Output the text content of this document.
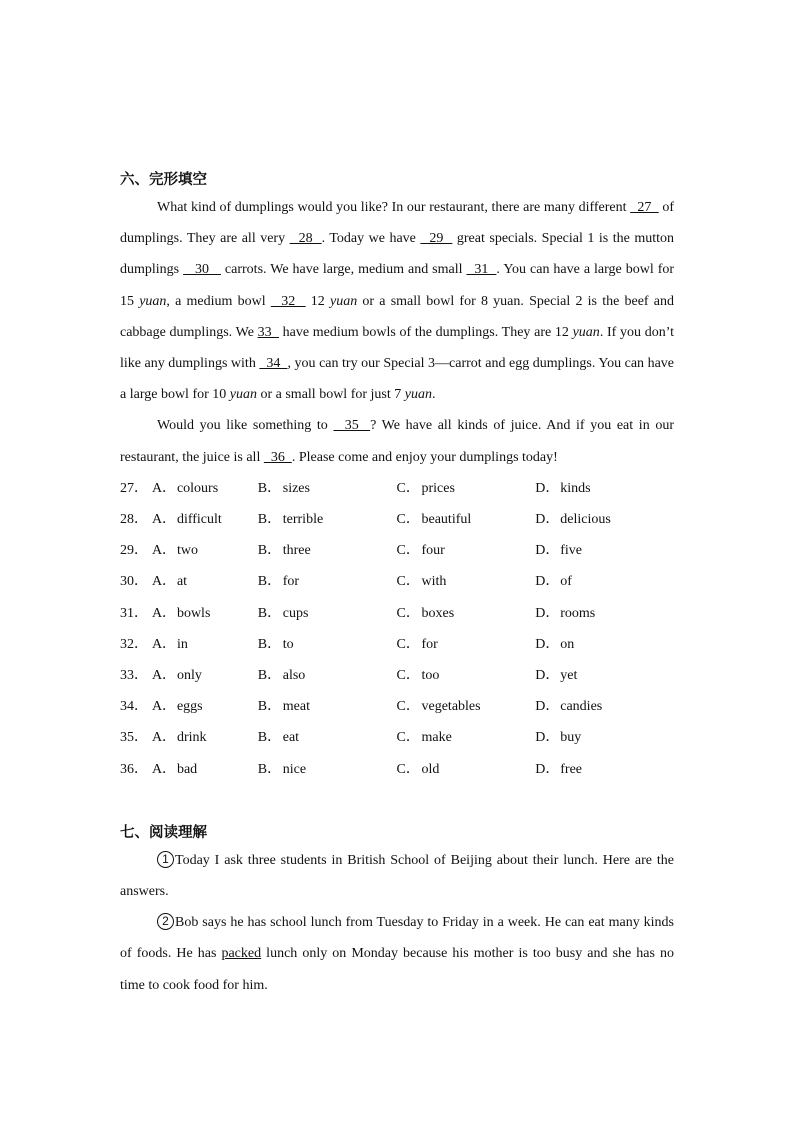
六、完形填空

What kind of dumplings would you like? In our restaurant, there are many different   27   of dumplings. They are all very   28  . Today we have   29   great specials. Special 1 is the mutton dumplings    30    carrots. We have large, medium and small   31  . You can have a large bowl for 15 yuan, a medium bowl   32   12 yuan or a small bowl for 8 yuan. Special 2 is the beef and cabbage dumplings. We 33   have medium bowls of the dumplings. They are 12 yuan. If you don’t like any dumplings with   34  , you can try our Special 3—carrot and egg dumplings. You can have a large bowl for 10 yuan or a small bowl for just 7 yuan.

Would you like something to   35  ? We have all kinds of juice. And if you eat in our restaurant, the juice is all   36  . Please come and enjoy your dumplings today!

27． A．colours	B． sizes	C． prices	D．kinds
28． A．difficult	B． terrible	C． beautiful	D．delicious
29． A．two	B． three	C． four	D．five
30． A．at	B． for	C． with	D．of
31． A．bowls	B． cups	C． boxes	D．rooms
32． A．in	B． to	C． for	D．on
33． A．only	B． also	C． too	D．yet
34． A．eggs	B． meat	C． vegetables	D．candies
35． A．drink	B． eat	C． make	D．buy
36． A．bad	B． nice	C． old	D．free
七、阅读理解

1 Today I ask three students in British School of Beijing about their lunch. Here are the answers.

2 Bob says he has school lunch from Tuesday to Friday in a week. He can eat many kinds of foods. He has packed lunch only on Monday because his mother is too busy and she has no time to cook food for him.
